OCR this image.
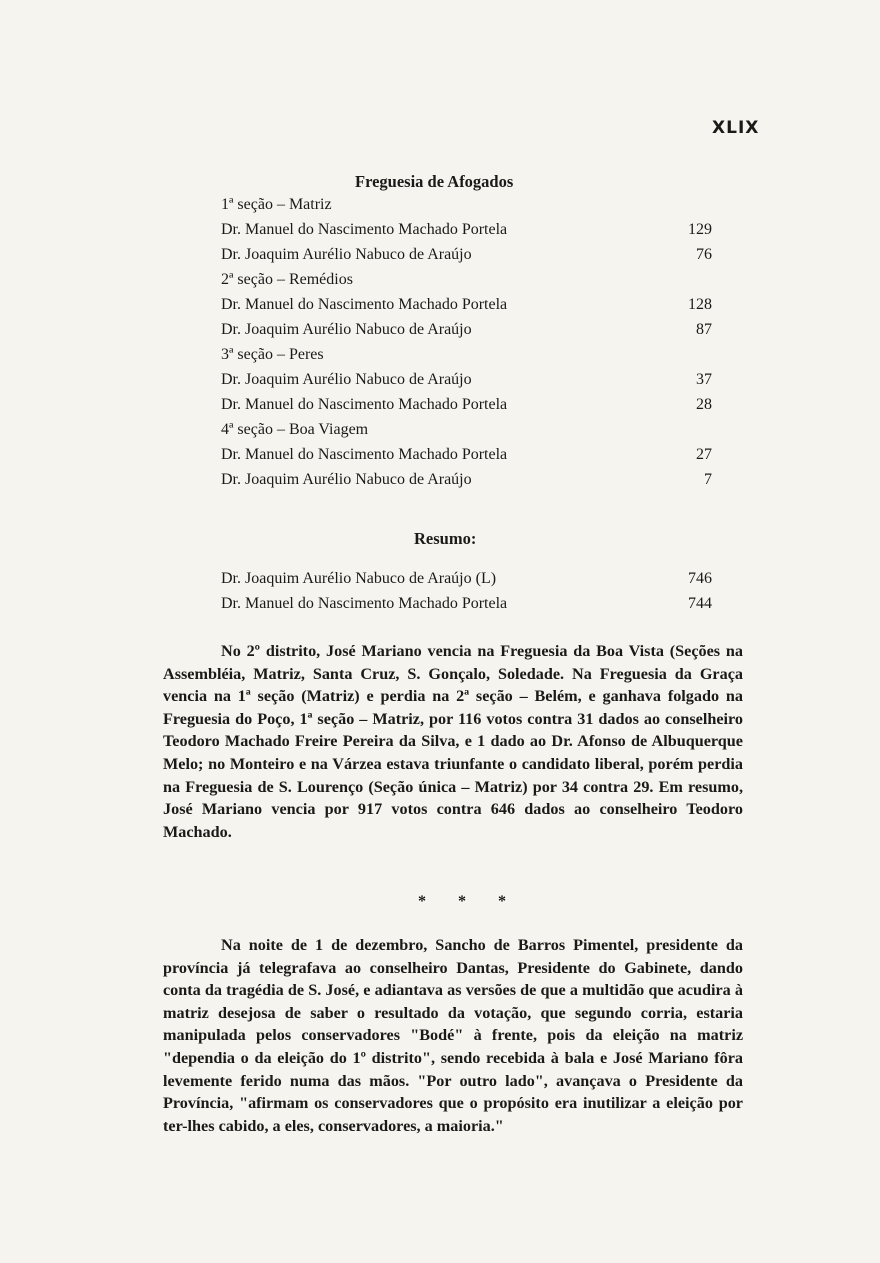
XLIX
Freguesia de Afogados
1ª seção – Matriz
Dr. Manuel do Nascimento Machado Portela	129
Dr. Joaquim Aurélio Nabuco de Araújo	76
2ª seção – Remédios
Dr. Manuel do Nascimento Machado Portela	128
Dr. Joaquim Aurélio Nabuco de Araújo	87
3ª seção – Peres
Dr. Joaquim Aurélio Nabuco de Araújo	37
Dr. Manuel do Nascimento Machado Portela	28
4ª seção – Boa Viagem
Dr. Manuel do Nascimento Machado Portela	27
Dr. Joaquim Aurélio Nabuco de Araújo	7
Resumo:
Dr. Joaquim Aurélio Nabuco de Araújo (L)	746
Dr. Manuel do Nascimento Machado Portela	744
No 2º distrito, José Mariano vencia na Freguesia da Boa Vista (Seções na Assembléia, Matriz, Santa Cruz, S. Gonçalo, Soledade. Na Freguesia da Graça vencia na 1ª seção (Matriz) e perdia na 2ª seção – Belém, e ganhava folgado na Freguesia do Poço, 1ª seção – Matriz, por 116 votos contra 31 dados ao conselheiro Teodoro Machado Freire Pereira da Silva, e 1 dado ao Dr. Afonso de Albuquerque Melo; no Monteiro e na Várzea estava triunfante o candidato liberal, porém perdia na Freguesia de S. Lourenço (Seção única – Matriz) por 34 contra 29. Em resumo, José Mariano vencia por 917 votos contra 646 dados ao conselheiro Teodoro Machado.
* * *
Na noite de 1 de dezembro, Sancho de Barros Pimentel, presidente da província já telegrafava ao conselheiro Dantas, Presidente do Gabinete, dando conta da tragédia de S. José, e adiantava as versões de que a multidão que acudira à matriz desejosa de saber o resultado da votação, que segundo corria, estaria manipulada pelos conservadores "Bodé" à frente, pois da eleição na matriz "dependia o da eleição do 1º distrito", sendo recebida à bala e José Mariano fôra levemente ferido numa das mãos. "Por outro lado", avançava o Presidente da Província, "afirmam os conservadores que o propósito era inutilizar a eleição por ter-lhes cabido, a eles, conservadores, a maioria."
